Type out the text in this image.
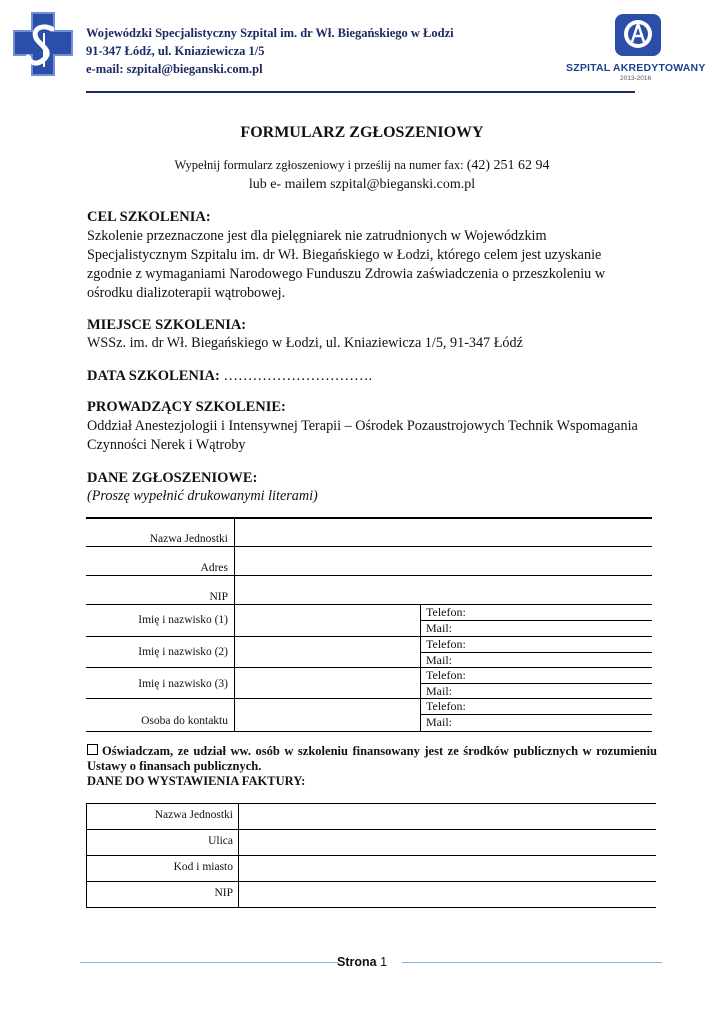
Wojewódzki Specjalistyczny Szpital im. dr Wł. Biegańskiego w Łodzi
91-347 Łódź, ul. Kniaziewicza 1/5
e-mail: szpital@bieganski.com.pl	SZPITAL AKREDYTOWANY
2013-2016
FORMULARZ ZGŁOSZENIOWY
Wypełnij formularz zgłoszeniowy i prześlij na numer fax: (42) 251 62 94
lub e- mailem szpital@bieganski.com.pl
CEL SZKOLENIA:
Szkolenie przeznaczone jest dla pielęgniarek nie zatrudnionych w Wojewódzkim
Specjalistycznym Szpitalu im. dr Wł. Biegańskiego w Łodzi, którego celem jest uzyskanie
zgodnie z wymaganiami Narodowego Funduszu Zdrowia zaświadczenia o przeszkoleniu w
ośrodku dializoterapii wątrobowej.
MIEJSCE SZKOLENIA:
WSSz. im. dr Wł. Biegańskiego w Łodzi, ul. Kniaziewicza 1/5, 91-347 Łódź
DATA SZKOLENIA: ………………………….
PROWADZĄCY SZKOLENIE:
Oddział Anestezjologii i Intensywnej Terapii – Ośrodek Pozaustrojowych Technik Wspomagania
Czynności Nerek i Wątroby
DANE ZGŁOSZENIOWE:
(Proszę wypełnić drukowanymi literami)
Nazwa Jednostki
Adres
NIP
Imię i nazwisko (1)
Imię i nazwisko (2)
Imię i nazwisko (3)
Osoba do kontaktu
Telefon:
Mail:
Telefon:
Mail:
Telefon:
Mail:
Telefon:
Mail:
Oświadczam, ze udział ww. osób w szkoleniu finansowany jest ze środków publicznych w rozumieniu Ustawy o finansach publicznych.
DANE DO WYSTAWIENIA FAKTURY:
Nazwa Jednostki
Ulica
Kod i miasto
NIP
Strona 1
